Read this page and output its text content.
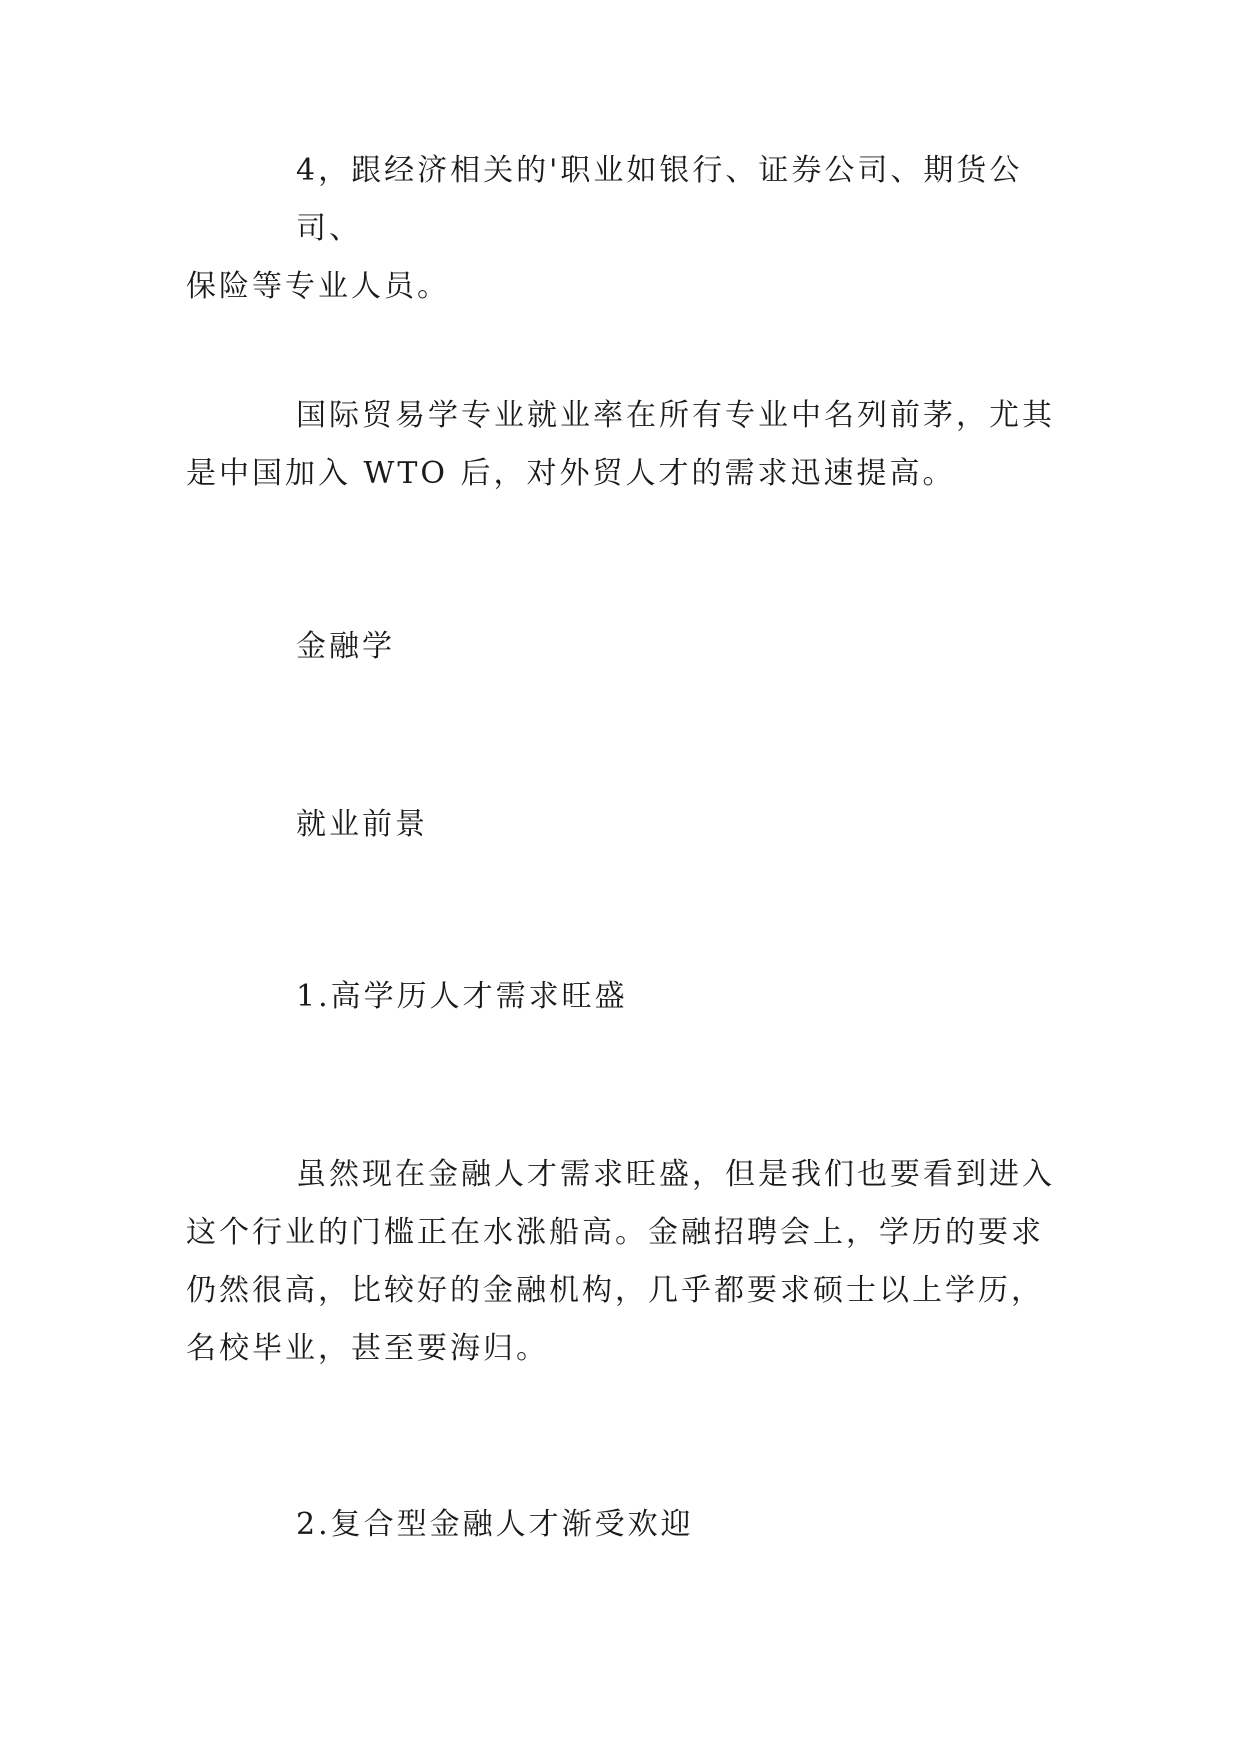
4，跟经济相关的'职业如银行、证券公司、期货公司、
保险等专业人员。

国际贸易学专业就业率在所有专业中名列前茅，尤其
是中国加入 WTO 后，对外贸人才的需求迅速提高。

金融学

就业前景

1.高学历人才需求旺盛

虽然现在金融人才需求旺盛，但是我们也要看到进入
这个行业的门槛正在水涨船高。金融招聘会上，学历的要求
仍然很高，比较好的金融机构，几乎都要求硕士以上学历，
名校毕业，甚至要海归。

2.复合型金融人才渐受欢迎
